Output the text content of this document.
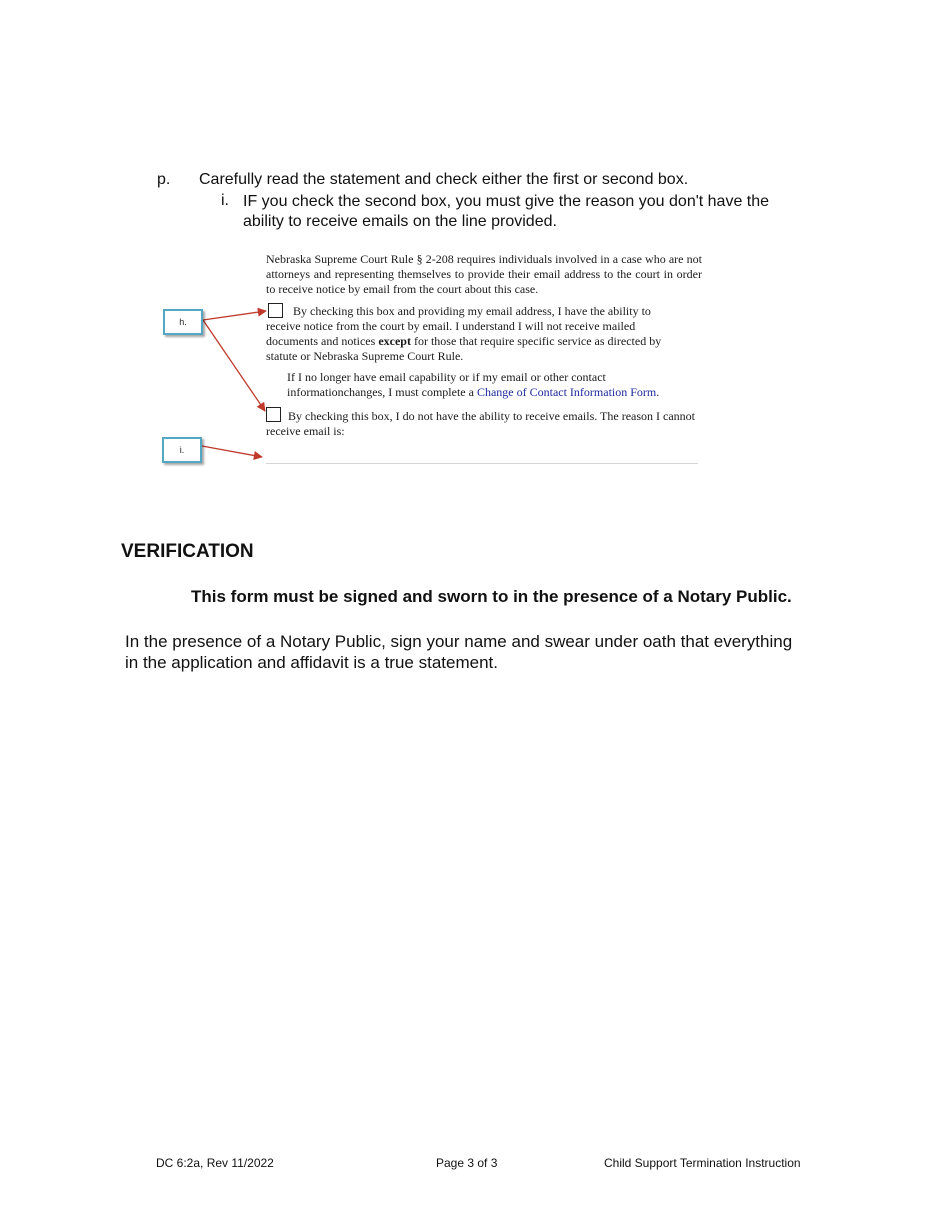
p. Carefully read the statement and check either the first or second box.
i. IF you check the second box, you must give the reason you don't have the ability to receive emails on the line provided.

Nebraska Supreme Court Rule § 2-208 requires individuals involved in a case who are not attorneys and representing themselves to provide their email address to the court in order to receive notice by email from the court about this case.

By checking this box and providing my email address, I have the ability to receive notice from the court by email. I understand I will not receive mailed documents and notices except for those that require specific service as directed by statute or Nebraska Supreme Court Rule.

If I no longer have email capability or if my email or other contact informationchanges, I must complete a Change of Contact Information Form.

By checking this box, I do not have the ability to receive emails. The reason I cannot receive email is:

h.
i.
VERIFICATION
This form must be signed and sworn to in the presence of a Notary Public.
In the presence of a Notary Public, sign your name and swear under oath that everything in the application and affidavit is a true statement.
DC 6:2a, Rev 11/2022	Page 3 of 3	Child Support Termination Instruction
